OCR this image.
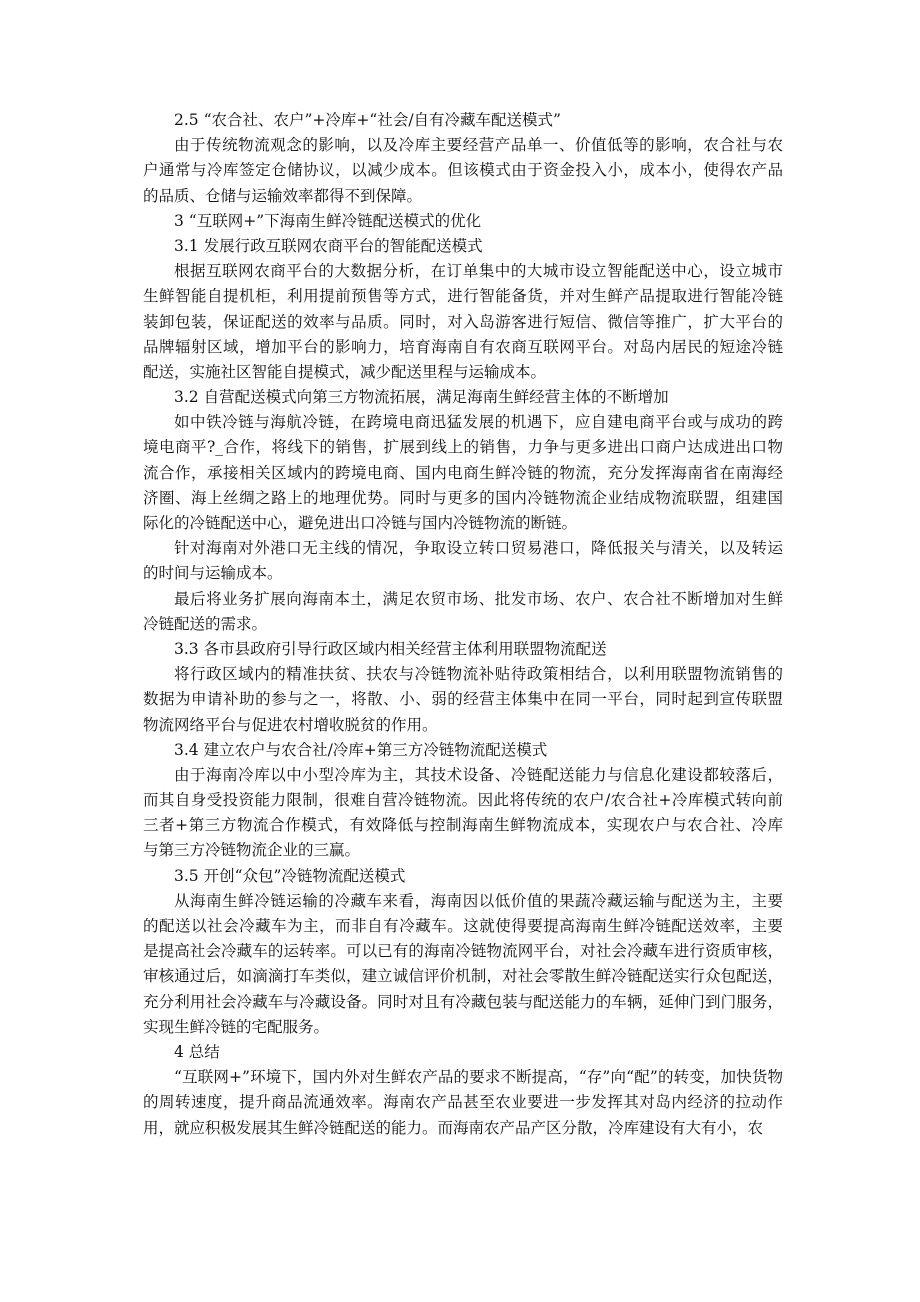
2.5 “农合社、农户”+冷库+“社会/自有冷藏车配送模式”

由于传统物流观念的影响，以及冷库主要经营产品单一、价值低等的影响，农合社与农

户通常与冷库签定仓储协议，以减少成本。但该模式由于资金投入小，成本小，使得农产品

的品质、仓储与运输效率都得不到保障。

3 “互联网+”下海南生鲜冷链配送模式的优化

3.1 发展行政互联网农商平台的智能配送模式

根据互联网农商平台的大数据分析，在订单集中的大城市设立智能配送中心，设立城市

生鲜智能自提机柜，利用提前预售等方式，进行智能备货，并对生鲜产品提取进行智能冷链

装卸包装，保证配送的效率与品质。同时，对入岛游客进行短信、微信等推广，扩大平台的

品牌辐射区域，增加平台的影响力，培育海南自有农商互联网平台。对岛内居民的短途冷链

配送，实施社区智能自提模式，减少配送里程与运输成本。

3.2 自营配送模式向第三方物流拓展，满足海南生鲜经营主体的不断增加

如中铁冷链与海航冷链，在跨境电商迅猛发展的机遇下，应自建电商平台或与成功的跨

境电商平?_合作，将线下的销售，扩展到线上的销售，力争与更多进出口商户达成进出口物

流合作，承接相关区域内的跨境电商、国内电商生鲜冷链的物流，充分发挥海南省在南海经

济圈、海上丝绸之路上的地理优势。同时与更多的国内冷链物流企业结成物流联盟，组建国

际化的冷链配送中心，避免进出口冷链与国内冷链物流的断链。

针对海南对外港口无主线的情况，争取设立转口贸易港口，降低报关与清关，以及转运

的时间与运输成本。

最后将业务扩展向海南本土，满足农贸市场、批发市场、农户、农合社不断增加对生鲜

冷链配送的需求。

3.3 各市县政府引导行政区域内相关经营主体利用联盟物流配送

将行政区域内的精准扶贫、扶农与冷链物流补贴待政策相结合，以利用联盟物流销售的

数据为申请补助的参与之一，将散、小、弱的经营主体集中在同一平台，同时起到宣传联盟

物流网络平台与促进农村增收脱贫的作用。

3.4 建立农户与农合社/冷库+第三方冷链物流配送模式

由于海南冷库以中小型冷库为主，其技术设备、冷链配送能力与信息化建设都较落后，

而其自身受投资能力限制，很难自营冷链物流。因此将传统的农户/农合社+冷库模式转向前

三者+第三方物流合作模式，有效降低与控制海南生鲜物流成本，实现农户与农合社、冷库

与第三方冷链物流企业的三赢。

3.5 开创“众包”冷链物流配送模式

从海南生鲜冷链运输的冷藏车来看，海南因以低价值的果蔬冷藏运输与配送为主，主要

的配送以社会冷藏车为主，而非自有冷藏车。这就使得要提高海南生鲜冷链配送效率，主要

是提高社会冷藏车的运转率。可以已有的海南冷链物流网平台，对社会冷藏车进行资质审核，

审核通过后，如滴滴打车类似，建立诚信评价机制，对社会零散生鲜冷链配送实行众包配送，

充分利用社会冷藏车与冷藏设备。同时对且有冷藏包装与配送能力的车辆，延伸门到门服务，

实现生鲜冷链的宅配服务。

4 总结

“互联网+”环境下，国内外对生鲜农产品的要求不断提高，“存”向“配”的转变，加快货物

的周转速度，提升商品流通效率。海南农产品甚至农业要进一步发挥其对岛内经济的拉动作

用，就应积极发展其生鲜冷链配送的能力。而海南农产品产区分散，冷库建设有大有小，农
